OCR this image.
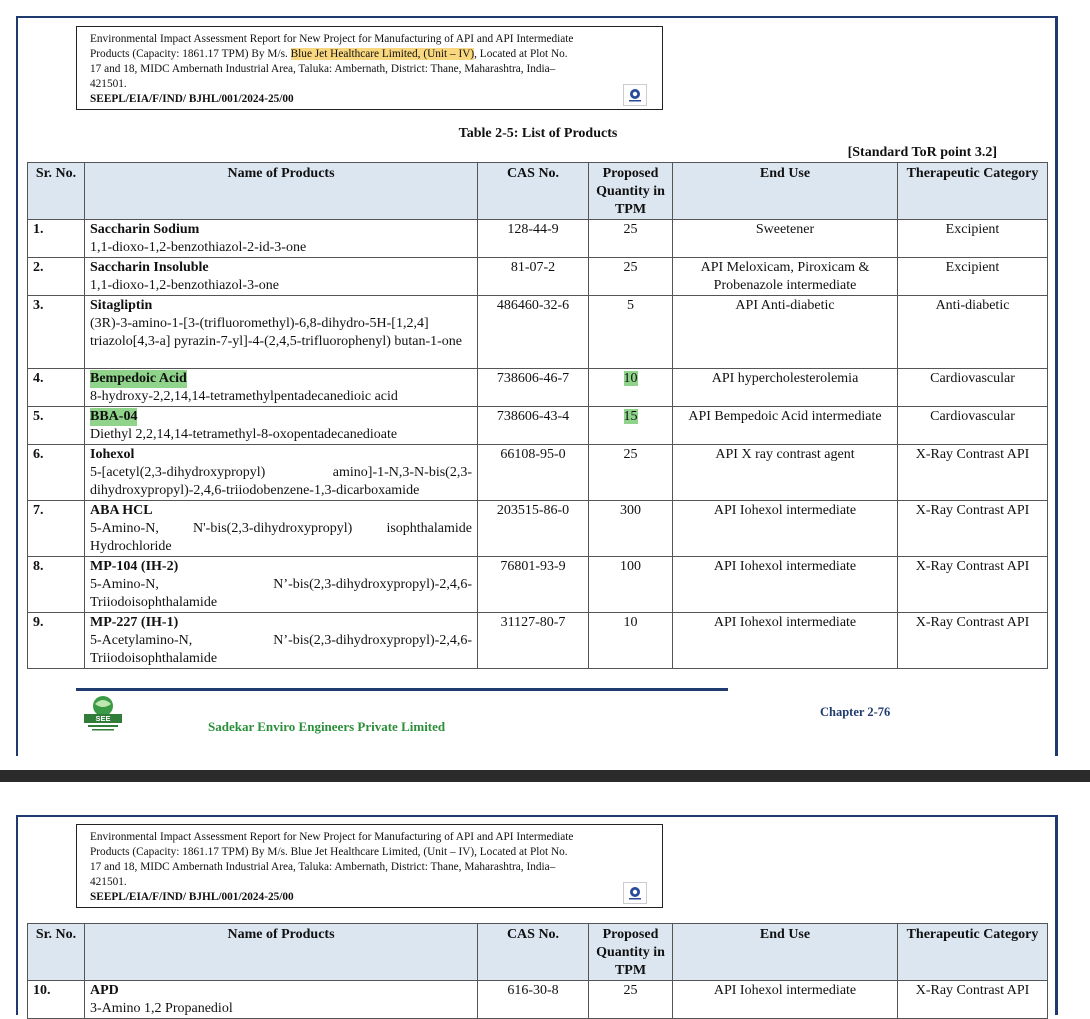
Environmental Impact Assessment Report for New Project for Manufacturing of API and API Intermediate
Products (Capacity: 1861.17 TPM) By M/s. Blue Jet Healthcare Limited, (Unit – IV), Located at Plot No.
17 and 18, MIDC Ambernath Industrial Area, Taluka: Ambernath, District: Thane, Maharashtra, India–
421501.
SEEPL/EIA/F/IND/ BJHL/001/2024-25/00
Table 2-5: List of Products
[Standard ToR point 3.2]
Sr. No.	Name of Products	CAS No.	Proposed Quantity in TPM	End Use	Therapeutic Category
1.	Saccharin Sodium
1,1-dioxo-1,2-benzothiazol-2-id-3-one	128-44-9	25	Sweetener	Excipient
2.	Saccharin Insoluble
1,1-dioxo-1,2-benzothiazol-3-one	81-07-2	25	API Meloxicam, Piroxicam & Probenazole intermediate	Excipient
3.	Sitagliptin
(3R)-3-amino-1-[3-(trifluoromethyl)-6,8-dihydro-5H-[1,2,4] triazolo[4,3-a] pyrazin-7-yl]-4-(2,4,5-trifluorophenyl) butan-1-one	486460-32-6	5	API Anti-diabetic	Anti-diabetic
4.	Bempedoic Acid
8-hydroxy-2,2,14,14-tetramethylpentadecanedioic acid	738606-46-7	10	API hypercholesterolemia	Cardiovascular
5.	BBA-04
Diethyl 2,2,14,14-tetramethyl-8-oxopentadecanedioate	738606-43-4	15	API Bempedoic Acid intermediate	Cardiovascular
6.	Iohexol
5-[acetyl(2,3-dihydroxypropyl) amino]-1-N,3-N-bis(2,3-dihydroxypropyl)-2,4,6-triiodobenzene-1,3-dicarboxamide	66108-95-0	25	API X ray contrast agent	X-Ray Contrast API
7.	ABA HCL
5-Amino-N, N'-bis(2,3-dihydroxypropyl) isophthalamide Hydrochloride	203515-86-0	300	API Iohexol intermediate	X-Ray Contrast API
8.	MP-104 (IH-2)
5-Amino-N, N’-bis(2,3-dihydroxypropyl)-2,4,6-Triiodoisophthalamide	76801-93-9	100	API Iohexol intermediate	X-Ray Contrast API
9.	MP-227 (IH-1)
5-Acetylamino-N, N’-bis(2,3-dihydroxypropyl)-2,4,6-Triiodoisophthalamide	31127-80-7	10	API Iohexol intermediate	X-Ray Contrast API
SEE
Sadekar Enviro Engineers Private Limited
Chapter 2-76
Environmental Impact Assessment Report for New Project for Manufacturing of API and API Intermediate
Products (Capacity: 1861.17 TPM) By M/s. Blue Jet Healthcare Limited, (Unit – IV), Located at Plot No.
17 and 18, MIDC Ambernath Industrial Area, Taluka: Ambernath, District: Thane, Maharashtra, India–
421501.
SEEPL/EIA/F/IND/ BJHL/001/2024-25/00
Sr. No.	Name of Products	CAS No.	Proposed Quantity in TPM	End Use	Therapeutic Category
10.	APD
3-Amino 1,2 Propanediol	616-30-8	25	API Iohexol intermediate	X-Ray Contrast API
